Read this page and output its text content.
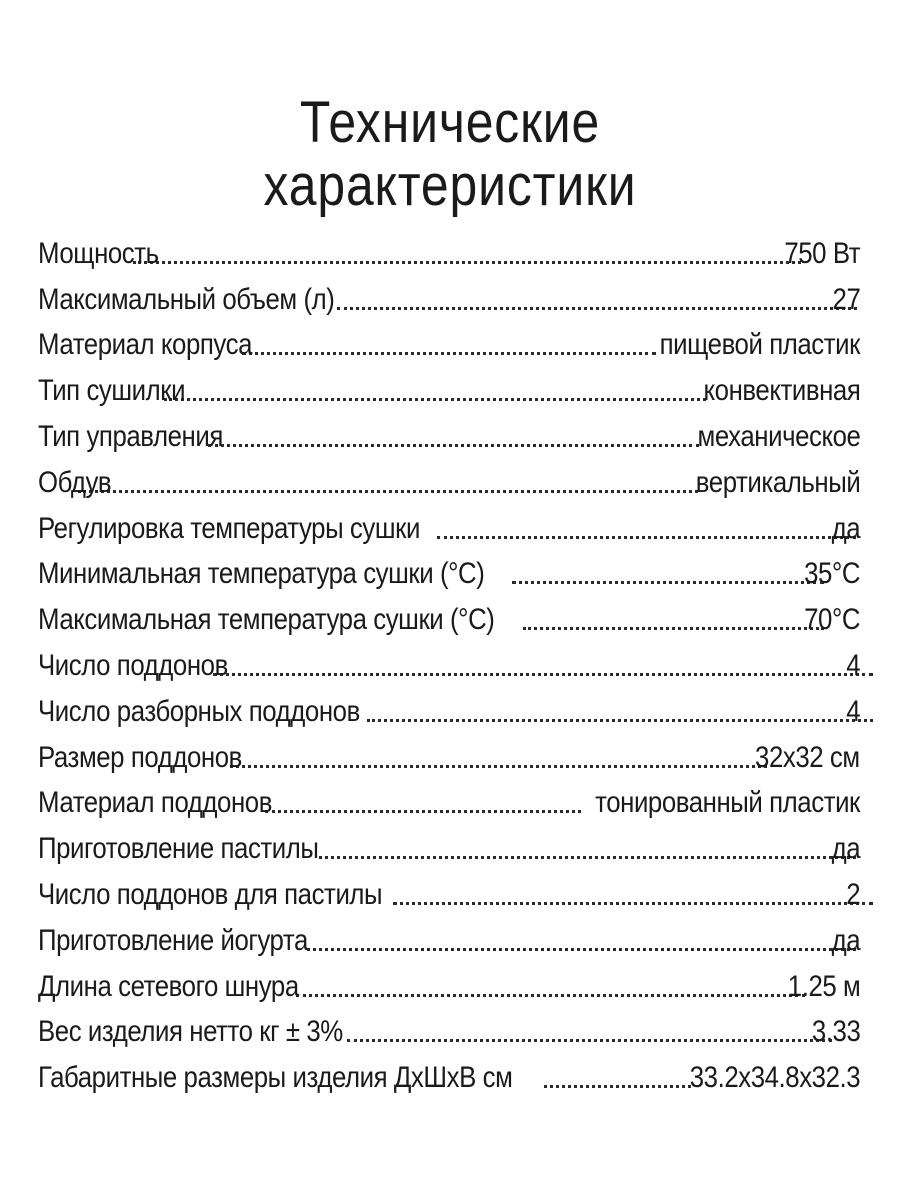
Технические
характеристики
Мощность	750 Вт
Максимальный объем (л)	27
Материал корпуса	пищевой пластик
Тип сушилки	конвективная
Тип управления	механическое
Обдув	вертикальный
Регулировка температуры сушки	да
Минимальная температура сушки (°C)	35°C
Максимальная температура сушки (°C)	70°C
Число поддонов	4
Число разборных поддонов	4
Размер поддонов	32х32 см
Материал поддонов	тонированный пластик
Приготовление пастилы	да
Число поддонов для пастилы	2
Приготовление йогурта	да
Длина сетевого шнура	1.25 м
Вес изделия нетто кг ± 3%	3.33
Габаритные размеры изделия ДхШхВ см	33.2х34.8х32.3
